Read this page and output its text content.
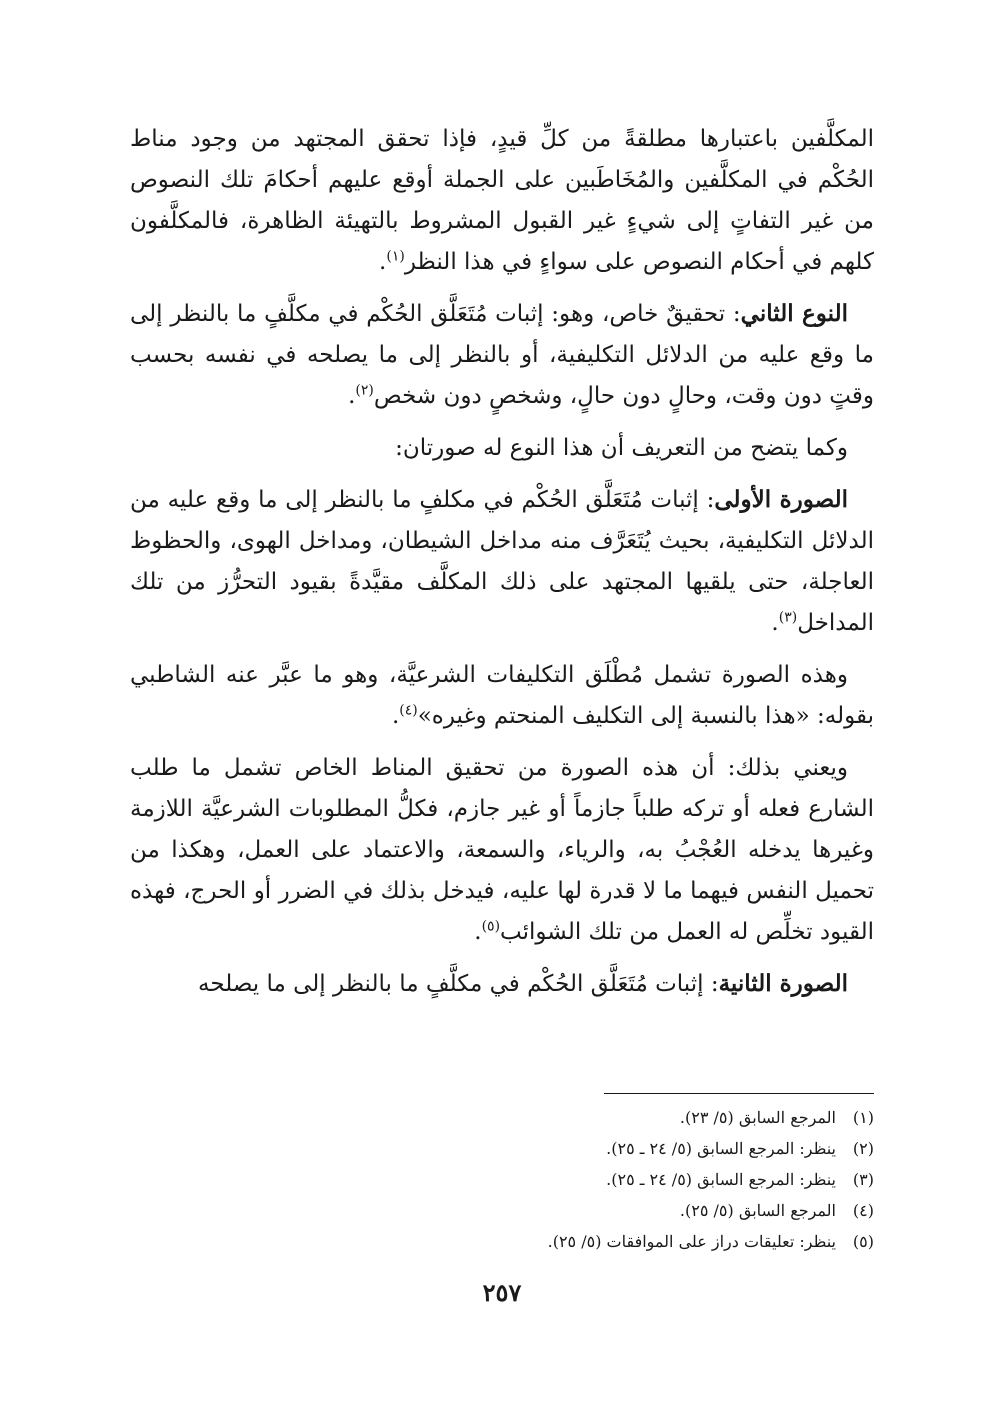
المكلَّفين باعتبارها مطلقةً من كلِّ قيدٍ، فإذا تحقق المجتهد من وجود مناط الحُكْم في المكلَّفين والمُخَاطَبين على الجملة أوقع عليهم أحكامَ تلك النصوص من غير التفاتٍ إلى شيءٍ غير القبول المشروط بالتهيئة الظاهرة، فالمكلَّفون كلهم في أحكام النصوص على سواءٍ في هذا النظر$^{(١)}$.

النوع الثاني: تحقيقٌ خاص، وهو: إثبات مُتَعَلَّق الحُكْم في مكلَّفٍ ما بالنظر إلى ما وقع عليه من الدلائل التكليفية، أو بالنظر إلى ما يصلحه في نفسه بحسب وقتٍ دون وقت، وحالٍ دون حالٍ، وشخصٍ دون شخص$^{(٢)}$.

وكما يتضح من التعريف أن هذا النوع له صورتان:

الصورة الأولى: إثبات مُتَعَلَّق الحُكْم في مكلفٍ ما بالنظر إلى ما وقع عليه من الدلائل التكليفية، بحيث يُتَعَرَّف منه مداخل الشيطان، ومداخل الهوى، والحظوظ العاجلة، حتى يلقيها المجتهد على ذلك المكلَّف مقيَّدةً بقيود التحرُّز من تلك المداخل$^{(٣)}$.

وهذه الصورة تشمل مُطْلَق التكليفات الشرعيَّة، وهو ما عبَّر عنه الشاطبي بقوله: «هذا بالنسبة إلى التكليف المنحتم وغيره»$^{(٤)}$.

ويعني بذلك: أن هذه الصورة من تحقيق المناط الخاص تشمل ما طلب الشارع فعله أو تركه طلباً جازماً أو غير جازم، فكلُّ المطلوبات الشرعيَّة اللازمة وغيرها يدخله العُجْبُ به، والرياء، والسمعة، والاعتماد على العمل، وهكذا من تحميل النفس فيهما ما لا قدرة لها عليه، فيدخل بذلك في الضرر أو الحرج، فهذه القيود تخلِّص له العمل من تلك الشوائب$^{(٥)}$.

الصورة الثانية: إثبات مُتَعَلَّق الحُكْم في مكلَّفٍ ما بالنظر إلى ما يصلحه

(١)المرجع السابق (٥/ ٢٣).

(٢)ينظر: المرجع السابق (٥/ ٢٤ ـ ٢٥).

(٣)ينظر: المرجع السابق (٥/ ٢٤ ـ ٢٥).

(٤)المرجع السابق (٥/ ٢٥).

(٥)ينظر: تعليقات دراز على الموافقات (٥/ ٢٥).

٢٥٧
